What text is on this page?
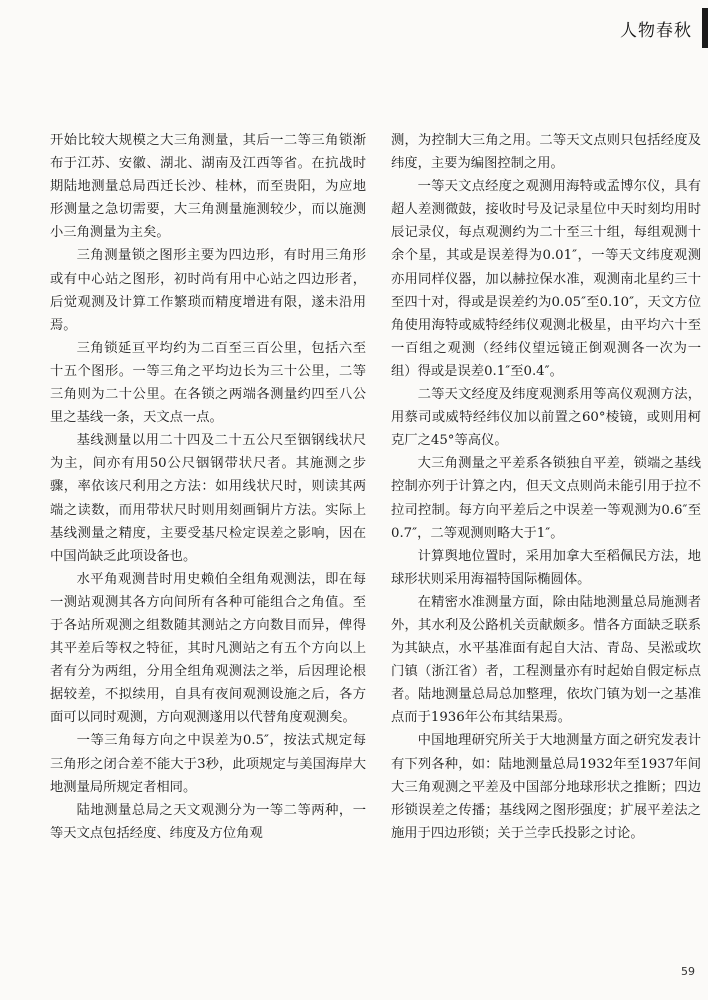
人物春秋

开始比较大规模之大三角测量，其后一二等三角锁渐布于江苏、安徽、湖北、湖南及江西等省。在抗战时期陆地测量总局西迁长沙、桂林，而至贵阳，为应地形测量之急切需要，大三角测量施测较少，而以施测小三角测量为主矣。

三角测量锁之图形主要为四边形，有时用三角形或有中心站之图形，初时尚有用中心站之四边形者，后觉观测及计算工作繁琐而精度增进有限，遂未沿用焉。

三角锁延亘平均约为二百至三百公里，包括六至十五个图形。一等三角之平均边长为三十公里，二等三角则为二十公里。在各锁之两端各测量约四至八公里之基线一条，天文点一点。

基线测量以用二十四及二十五公尺至铟钢线状尺为主，间亦有用50公尺铟钢带状尺者。其施测之步骤，率依该尺利用之方法：如用线状尺时，则读其两端之读数，而用带状尺时则用刻画铜片方法。实际上基线测量之精度，主要受基尺检定误差之影响，因在中国尚缺乏此项设备也。

水平角观测昔时用史赖伯全组角观测法，即在每一测站观测其各方向间所有各种可能组合之角值。至于各站所观测之组数随其测站之方向数目而异，俾得其平差后等权之特征，其时凡测站之有五个方向以上者有分为两组，分用全组角观测法之举，后因理论根据较差，不拟续用，自具有夜间观测设施之后，各方面可以同时观测，方向观测遂用以代替角度观测矣。

一等三角每方向之中误差为0.5″，按法式规定每三角形之闭合差不能大于3秒，此项规定与美国海岸大地测量局所规定者相同。

陆地测量总局之天文观测分为一等二等两种，一等天文点包括经度、纬度及方位角观

测，为控制大三角之用。二等天文点则只包括经度及纬度，主要为编图控制之用。

一等天文点经度之观测用海特或孟博尔仪，具有超人差测微鼓，接收时号及记录星位中天时刻均用时辰记录仪，每点观测约为二十至三十组，每组观测十余个星，其或是误差得为0.01″，一等天文纬度观测亦用同样仪器，加以赫拉保水准，观测南北星约三十至四十对，得或是误差约为0.05″至0.10″，天文方位角使用海特或威特经纬仪观测北极星，由平均六十至一百组之观测（经纬仪望远镜正倒观测各一次为一组）得或是误差0.1″至0.4″。

二等天文经度及纬度观测系用等高仪观测方法，用蔡司或威特经纬仪加以前置之60°棱镜，或则用柯克厂之45°等高仪。

大三角测量之平差系各锁独自平差，锁端之基线控制亦列于计算之内，但天文点则尚未能引用于拉不拉司控制。每方向平差后之中误差一等观测为0.6″至0.7″，二等观测则略大于1″。

计算舆地位置时，采用加拿大至稻佩民方法，地球形状则采用海福特国际椭圆体。

在精密水准测量方面，除由陆地测量总局施测者外，其水利及公路机关贡献颇多。惜各方面缺乏联系为其缺点，水平基准面有起自大沽、青岛、吴淞或坎门镇（浙江省）者，工程测量亦有时起始自假定标点者。陆地测量总局总加整理，依坎门镇为划一之基准点而于1936年公布其结果焉。

中国地理研究所关于大地测量方面之研究发表计有下列各种，如：陆地测量总局1932年至1937年间大三角观测之平差及中国部分地球形状之推断；四边形锁误差之传播；基线网之图形强度；扩展平差法之施用于四边形锁；关于兰孛氏投影之讨论。

59
